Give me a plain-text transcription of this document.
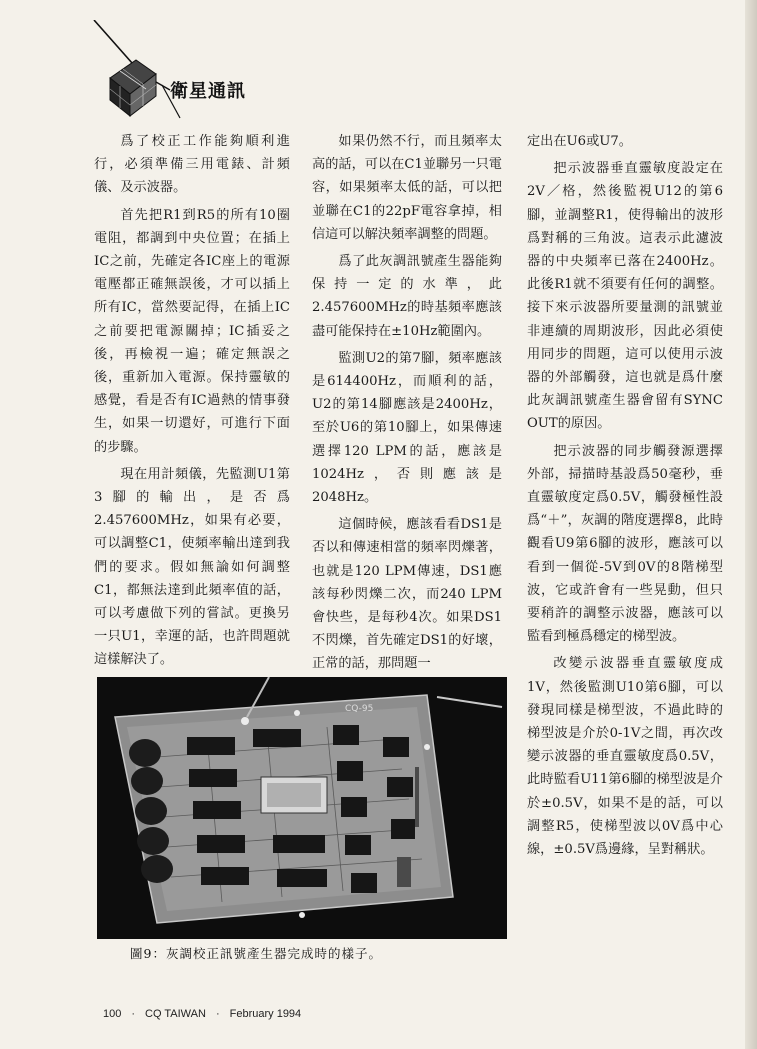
衛星通訊

爲了校正工作能夠順利進行，必須準備三用電錶、計頻儀、及示波器。

首先把R1到R5的所有10圈電阻，都調到中央位置；在插上IC之前，先確定各IC座上的電源電壓都正確無誤後，才可以插上所有IC，當然要記得，在插上IC之前要把電源關掉；IC插妥之後，再檢視一遍；確定無誤之後，重新加入電源。保持靈敏的感覺，看是否有IC過熱的情事發生，如果一切還好，可進行下面的步驟。

現在用計頻儀，先監測U1第3腳的輸出，是否爲2.457600MHz，如果有必要，可以調整C1，使頻率輸出達到我們的要求。假如無論如何調整C1，都無法達到此頻率值的話，可以考慮做下列的嘗試。更換另一只U1，幸運的話，也許問題就這樣解決了。

如果仍然不行，而且頻率太高的話，可以在C1並聯另一只電容，如果頻率太低的話，可以把並聯在C1的22pF電容拿掉，相信這可以解決頻率調整的問題。

爲了此灰調訊號產生器能夠保持一定的水準，此2.457600MHz的時基頻率應該盡可能保持在±10Hz範圍內。

監測U2的第7腳，頻率應該是614400Hz，而順利的話，U2的第14腳應該是2400Hz，至於U6的第10腳上，如果傳速選擇120 LPM的話，應該是1024Hz，否則應該是2048Hz。

這個時候，應該看看DS1是否以和傳速相當的頻率閃爍著，也就是120 LPM傳速，DS1應該每秒閃爍二次，而240 LPM會快些，是每秒4次。如果DS1不閃爍，首先確定DS1的好壞，正常的話，那問題一

定出在U6或U7。

把示波器垂直靈敏度設定在2V／格，然後監視U12的第6腳，並調整R1，使得輸出的波形爲對稱的三角波。這表示此濾波器的中央頻率已落在2400Hz。此後R1就不須要有任何的調整。接下來示波器所要量測的訊號並非連續的周期波形，因此必須使用同步的問題，這可以使用示波器的外部觸發，這也就是爲什麼此灰調訊號產生器會留有SYNC OUT的原因。

把示波器的同步觸發源選擇外部，掃描時基設爲50毫秒，垂直靈敏度定爲0.5V，觸發極性設爲“＋”，灰調的階度選擇8，此時觀看U9第6腳的波形，應該可以看到一個從-5V到0V的8階梯型波，它或許會有一些晃動，但只要稍許的調整示波器，應該可以監看到極爲穩定的梯型波。

改變示波器垂直靈敏度成1V，然後監測U10第6腳，可以發現同樣是梯型波，不過此時的梯型波是介於0-1V之間，再次改變示波器的垂直靈敏度爲0.5V，此時監看U11第6腳的梯型波是介於±0.5V，如果不是的話，可以調整R5，使梯型波以0V爲中心線，±0.5V爲邊緣，呈對稱狀。

CQ-95
圖9：灰調校正訊號產生器完成時的樣子。
100 · CQ TAIWAN · February 1994
